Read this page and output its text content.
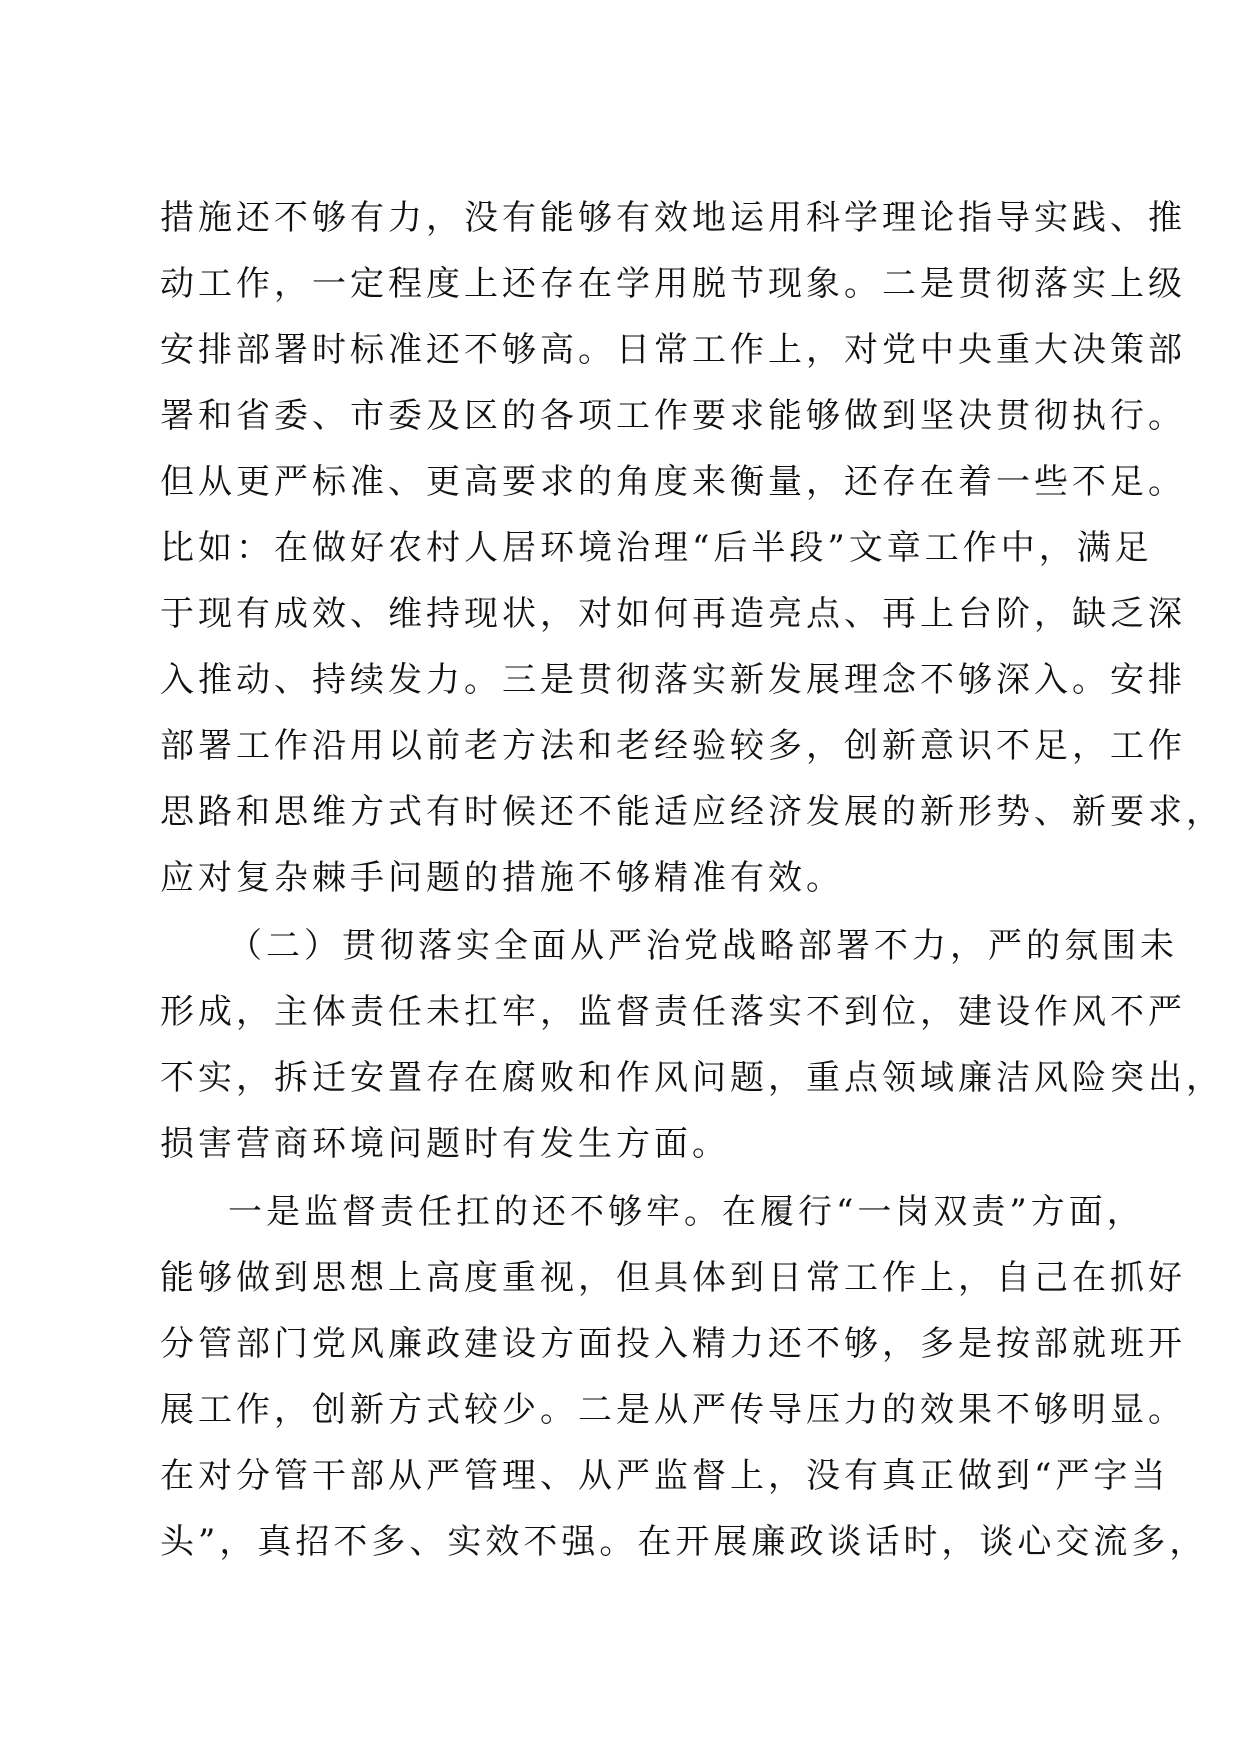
措施还不够有力，没有能够有效地运用科学理论指导实践、推
动工作，一定程度上还存在学用脱节现象。二是贯彻落实上级
安排部署时标准还不够高。日常工作上，对党中央重大决策部
署和省委、市委及区的各项工作要求能够做到坚决贯彻执行。
但从更严标准、更高要求的角度来衡量，还存在着一些不足。
比如：在做好农村人居环境治理“后半段”文章工作中，满足
于现有成效、维持现状，对如何再造亮点、再上台阶，缺乏深
入推动、持续发力。三是贯彻落实新发展理念不够深入。安排
部署工作沿用以前老方法和老经验较多，创新意识不足，工作
思路和思维方式有时候还不能适应经济发展的新形势、新要求，
应对复杂棘手问题的措施不够精准有效。
（二）贯彻落实全面从严治党战略部署不力，严的氛围未
形成，主体责任未扛牢，监督责任落实不到位，建设作风不严
不实，拆迁安置存在腐败和作风问题，重点领域廉洁风险突出，
损害营商环境问题时有发生方面。
一是监督责任扛的还不够牢。在履行“一岗双责”方面，
能够做到思想上高度重视，但具体到日常工作上，自己在抓好
分管部门党风廉政建设方面投入精力还不够，多是按部就班开
展工作，创新方式较少。二是从严传导压力的效果不够明显。
在对分管干部从严管理、从严监督上，没有真正做到“严字当
头”，真招不多、实效不强。在开展廉政谈话时，谈心交流多，
